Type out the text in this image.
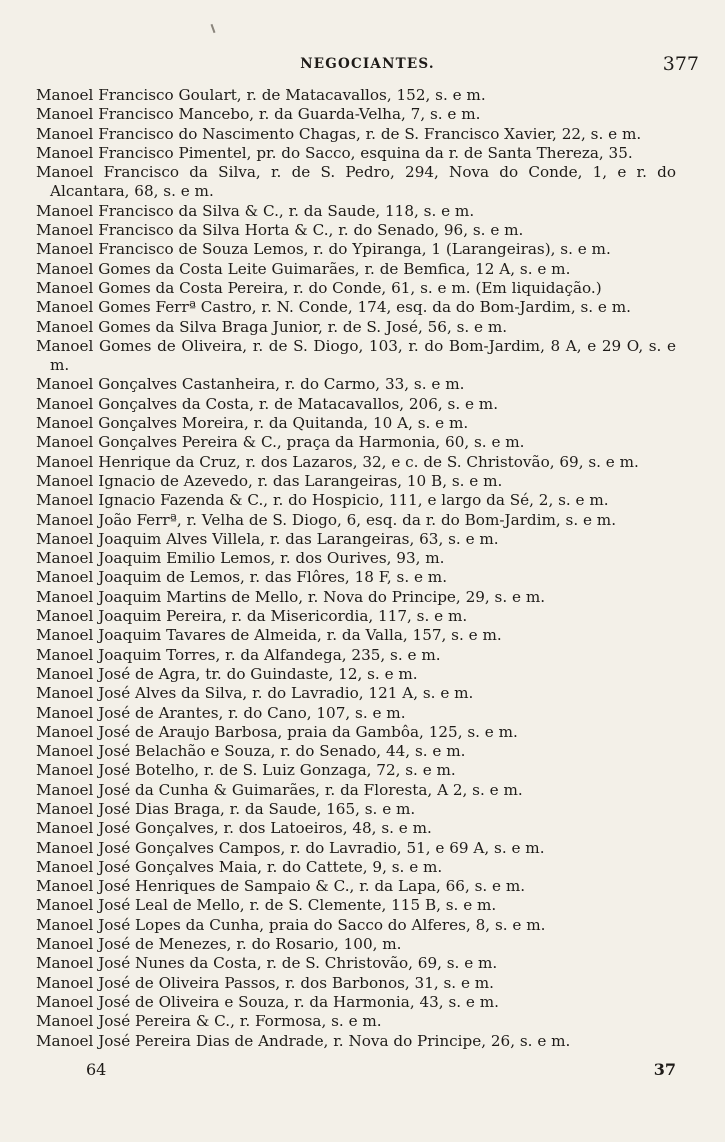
NEGOCIANTES.	377
Manoel Francisco Goulart, r. de Matacavallos, 152, s. e m.
Manoel Francisco Mancebo, r. da Guarda-Velha, 7, s. e m.
Manoel Francisco do Nascimento Chagas, r. de S. Francisco Xavier, 22, s. e m.
Manoel Francisco Pimentel, pr. do Sacco, esquina da r. de Santa Thereza, 35.
Manoel Francisco da Silva, r. de S. Pedro, 294, Nova do Conde, 1, e r. do Alcantara, 68, s. e m.
Manoel Francisco da Silva & C., r. da Saude, 118, s. e m.
Manoel Francisco da Silva Horta & C., r. do Senado, 96, s. e m.
Manoel Francisco de Souza Lemos, r. do Ypiranga, 1 (Larangeiras), s. e m.
Manoel Gomes da Costa Leite Guimarães, r. de Bemfica, 12 A, s. e m.
Manoel Gomes da Costa Pereira, r. do Conde, 61, s. e m. (Em liquidação.)
Manoel Gomes Ferrª Castro, r. N. Conde, 174, esq. da do Bom-Jardim, s. e m.
Manoel Gomes da Silva Braga Junior, r. de S. José, 56, s. e m.
Manoel Gomes de Oliveira, r. de S. Diogo, 103, r. do Bom-Jardim, 8 A, e 29 O, s. e m.
Manoel Gonçalves Castanheira, r. do Carmo, 33, s. e m.
Manoel Gonçalves da Costa, r. de Matacavallos, 206, s. e m.
Manoel Gonçalves Moreira, r. da Quitanda, 10 A, s. e m.
Manoel Gonçalves Pereira & C., praça da Harmonia, 60, s. e m.
Manoel Henrique da Cruz, r. dos Lazaros, 32, e c. de S. Christovão, 69, s. e m.
Manoel Ignacio de Azevedo, r. das Larangeiras, 10 B, s. e m.
Manoel Ignacio Fazenda & C., r. do Hospicio, 111, e largo da Sé, 2, s. e m.
Manoel João Ferrª, r. Velha de S. Diogo, 6, esq. da r. do Bom-Jardim, s. e m.
Manoel Joaquim Alves Villela, r. das Larangeiras, 63, s. e m.
Manoel Joaquim Emilio Lemos, r. dos Ourives, 93, m.
Manoel Joaquim de Lemos, r. das Flôres, 18 F, s. e m.
Manoel Joaquim Martins de Mello, r. Nova do Principe, 29, s. e m.
Manoel Joaquim Pereira, r. da Misericordia, 117, s. e m.
Manoel Joaquim Tavares de Almeida, r. da Valla, 157, s. e m.
Manoel Joaquim Torres, r. da Alfandega, 235, s. e m.
Manoel José de Agra, tr. do Guindaste, 12, s. e m.
Manoel José Alves da Silva, r. do Lavradio, 121 A, s. e m.
Manoel José de Arantes, r. do Cano, 107, s. e m.
Manoel José de Araujo Barbosa, praia da Gambôa, 125, s. e m.
Manoel José Belachão e Souza, r. do Senado, 44, s. e m.
Manoel José Botelho, r. de S. Luiz Gonzaga, 72, s. e m.
Manoel José da Cunha & Guimarães, r. da Floresta, A 2, s. e m.
Manoel José Dias Braga, r. da Saude, 165, s. e m.
Manoel José Gonçalves, r. dos Latoeiros, 48, s. e m.
Manoel José Gonçalves Campos, r. do Lavradio, 51, e 69 A, s. e m.
Manoel José Gonçalves Maia, r. do Cattete, 9, s. e m.
Manoel José Henriques de Sampaio & C., r. da Lapa, 66, s. e m.
Manoel José Leal de Mello, r. de S. Clemente, 115 B, s. e m.
Manoel José Lopes da Cunha, praia do Sacco do Alferes, 8, s. e m.
Manoel José de Menezes, r. do Rosario, 100, m.
Manoel José Nunes da Costa, r. de S. Christovão, 69, s. e m.
Manoel José de Oliveira Passos, r. dos Barbonos, 31, s. e m.
Manoel José de Oliveira e Souza, r. da Harmonia, 43, s. e m.
Manoel José Pereira & C., r. Formosa, s. e m.
Manoel José Pereira Dias de Andrade, r. Nova do Principe, 26, s. e m.
64	37
